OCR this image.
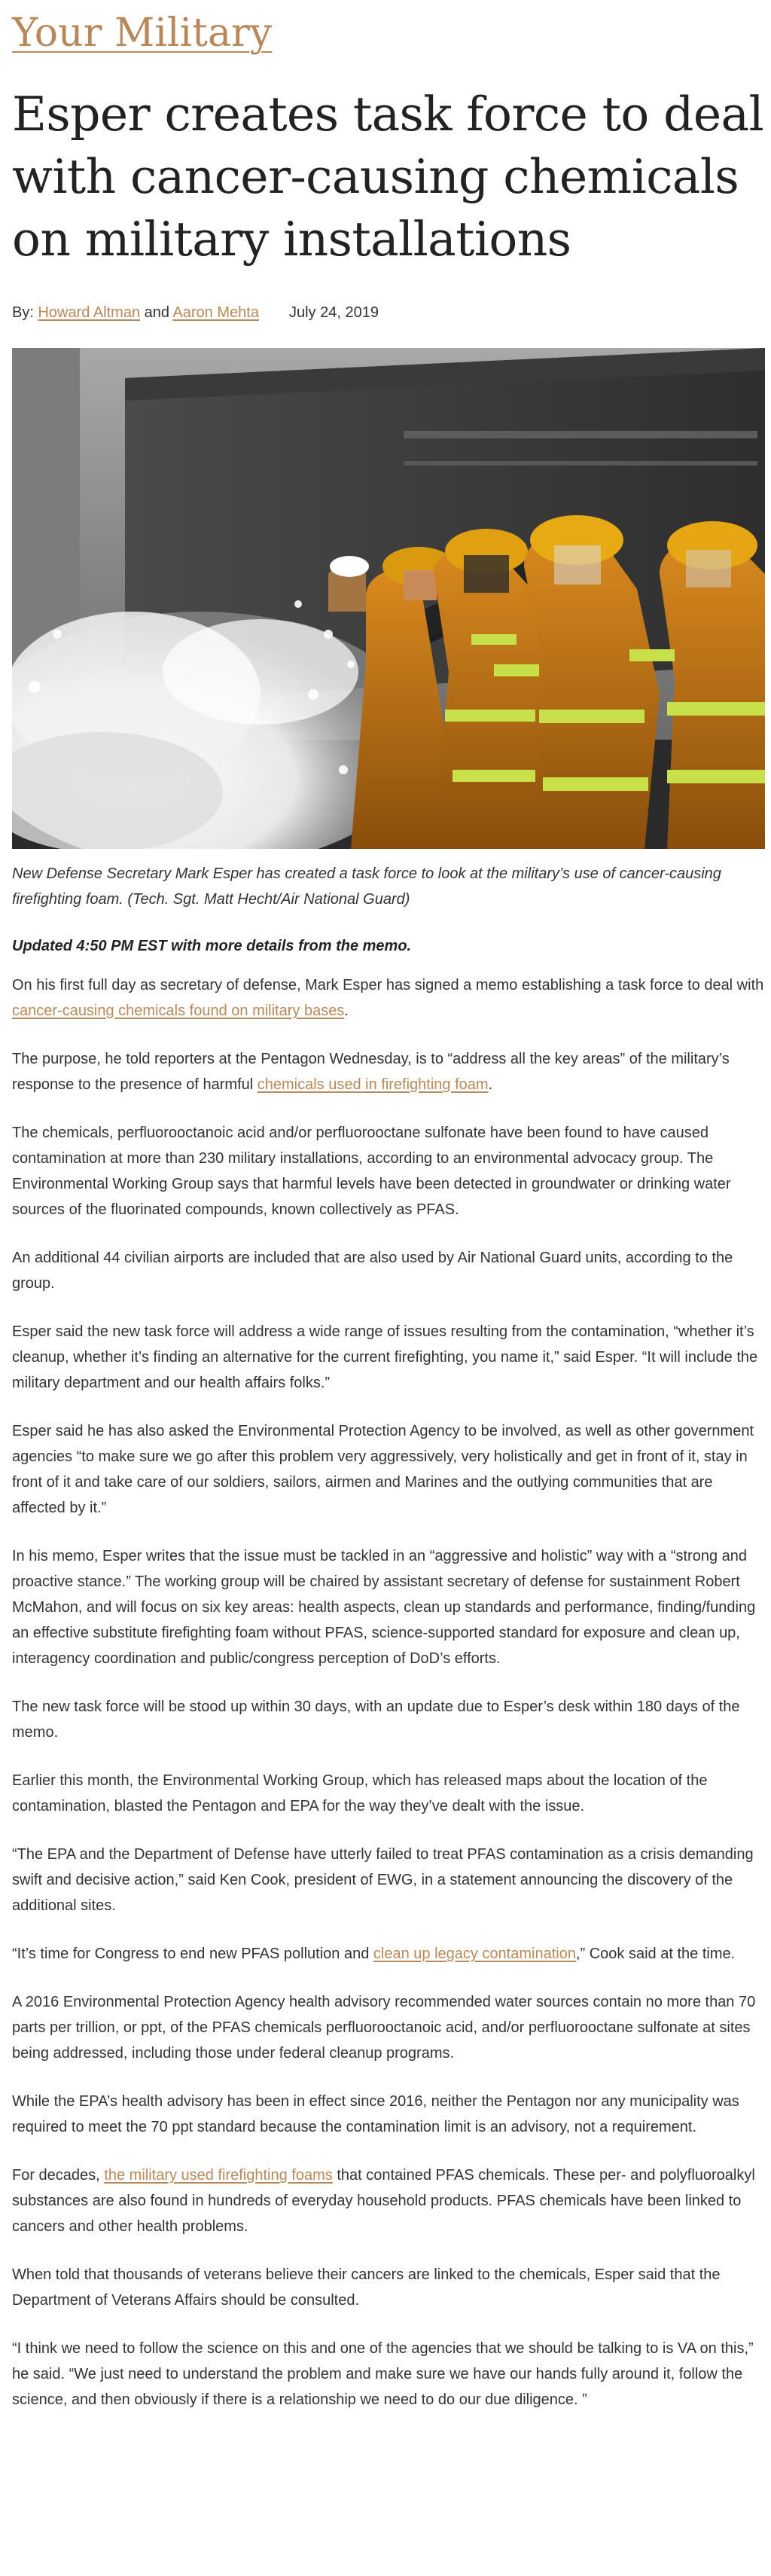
Your Military
Esper creates task force to deal with cancer-causing chemicals on military installations
By: Howard Altman and Aaron Mehta July 24, 2019

New Defense Secretary Mark Esper has created a task force to look at the military’s use of cancer-causing firefighting foam. (Tech. Sgt. Matt Hecht/Air National Guard)

Updated 4:50 PM EST with more details from the memo.

On his first full day as secretary of defense, Mark Esper has signed a memo establishing a task force to deal with cancer-causing chemicals found on military bases.

The purpose, he told reporters at the Pentagon Wednesday, is to “address all the key areas” of the military’s response to the presence of harmful chemicals used in firefighting foam.

The chemicals, perfluorooctanoic acid and/or perfluorooctane sulfonate have been found to have caused contamination at more than 230 military installations, according to an environmental advocacy group. The Environmental Working Group says that harmful levels have been detected in groundwater or drinking water sources of the fluorinated compounds, known collectively as PFAS.

An additional 44 civilian airports are included that are also used by Air National Guard units, according to the group.

Esper said the new task force will address a wide range of issues resulting from the contamination, “whether it’s cleanup, whether it’s finding an alternative for the current firefighting, you name it,” said Esper. “It will include the military department and our health affairs folks.”

Esper said he has also asked the Environmental Protection Agency to be involved, as well as other government agencies “to make sure we go after this problem very aggressively, very holistically and get in front of it, stay in front of it and take care of our soldiers, sailors, airmen and Marines and the outlying communities that are affected by it.”

In his memo, Esper writes that the issue must be tackled in an “aggressive and holistic” way with a “strong and proactive stance.” The working group will be chaired by assistant secretary of defense for sustainment Robert McMahon, and will focus on six key areas: health aspects, clean up standards and performance, finding/funding an effective substitute firefighting foam without PFAS, science-supported standard for exposure and clean up, interagency coordination and public/congress perception of DoD’s efforts.

The new task force will be stood up within 30 days, with an update due to Esper’s desk within 180 days of the memo.

Earlier this month, the Environmental Working Group, which has released maps about the location of the contamination, blasted the Pentagon and EPA for the way they’ve dealt with the issue.

“The EPA and the Department of Defense have utterly failed to treat PFAS contamination as a crisis demanding swift and decisive action,” said Ken Cook, president of EWG, in a statement announcing the discovery of the additional sites.

“It’s time for Congress to end new PFAS pollution and clean up legacy contamination,” Cook said at the time.

A 2016 Environmental Protection Agency health advisory recommended water sources contain no more than 70 parts per trillion, or ppt, of the PFAS chemicals perfluorooctanoic acid, and/or perfluorooctane sulfonate at sites being addressed, including those under federal cleanup programs.

While the EPA’s health advisory has been in effect since 2016, neither the Pentagon nor any municipality was required to meet the 70 ppt standard because the contamination limit is an advisory, not a requirement.

For decades, the military used firefighting foams that contained PFAS chemicals. These per- and polyfluoroalkyl substances are also found in hundreds of everyday household products. PFAS chemicals have been linked to cancers and other health problems.

When told that thousands of veterans believe their cancers are linked to the chemicals, Esper said that the Department of Veterans Affairs should be consulted.

“I think we need to follow the science on this and one of the agencies that we should be talking to is VA on this,” he said. “We just need to understand the problem and make sure we have our hands fully around it, follow the science, and then obviously if there is a relationship we need to do our due diligence. ”
